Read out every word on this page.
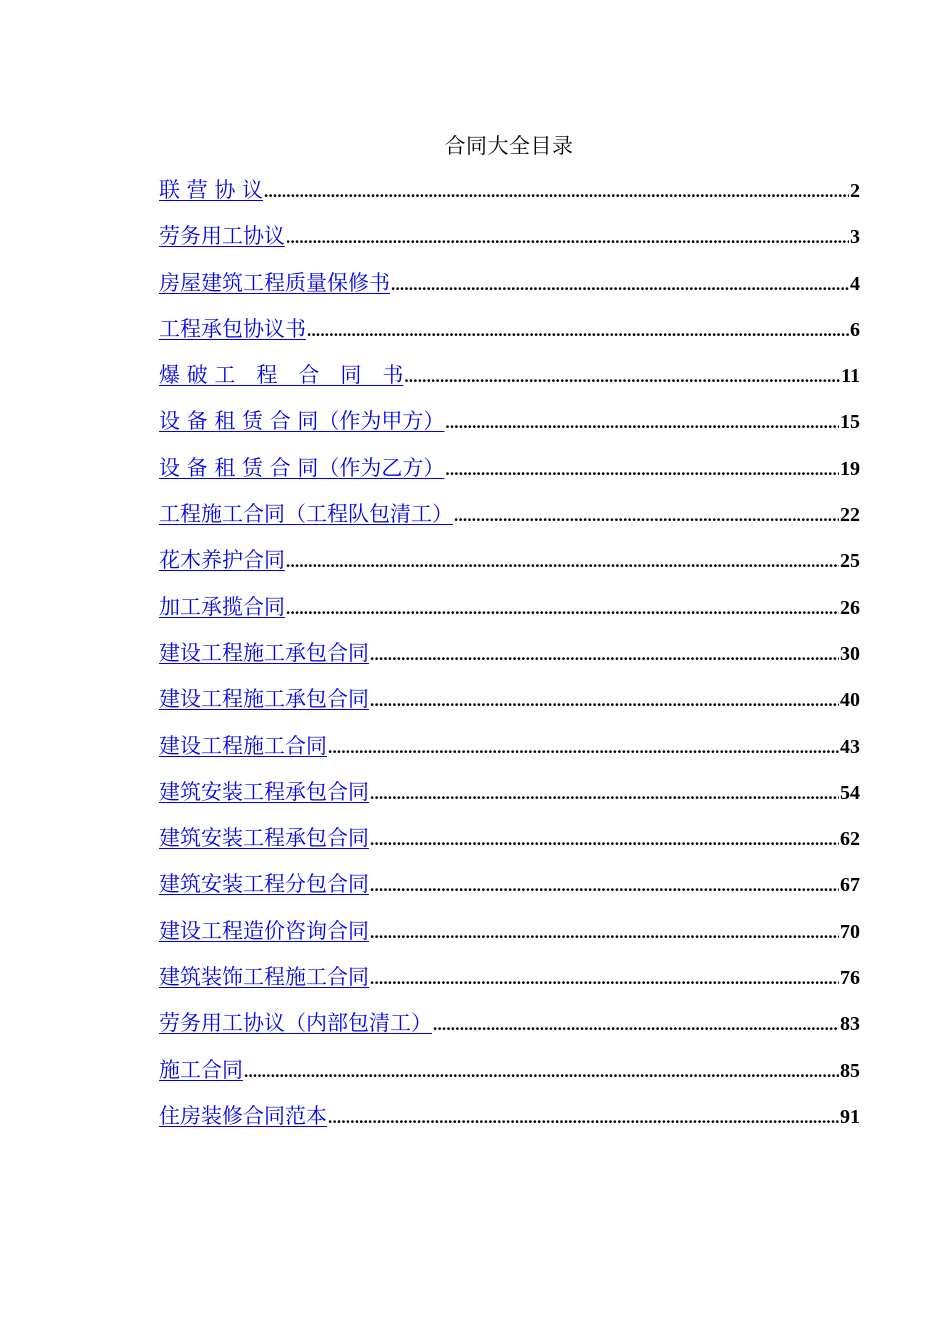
合同大全目录
联 营 协 议 .....	2
劳务用工协议 .....	3
房屋建筑工程质量保修书 .....	4
工程承包协议书 .....	6
爆 破 工　程　合　同　书 .....	11
设 备 租 赁 合 同（作为甲方） .....	15
设 备 租 赁 合 同（作为乙方） .....	19
工程施工合同（工程队包清工） .....	22
花木养护合同 .....	25
加工承揽合同 .....	26
建设工程施工承包合同 .....	30
建设工程施工承包合同 .....	40
建设工程施工合同 .....	43
建筑安装工程承包合同 .....	54
建筑安装工程承包合同 .....	62
建筑安装工程分包合同 .....	67
建设工程造价咨询合同 .....	70
建筑装饰工程施工合同 .....	76
劳务用工协议（内部包清工） .....	83
施工合同 .....	85
住房装修合同范本 .....	91
